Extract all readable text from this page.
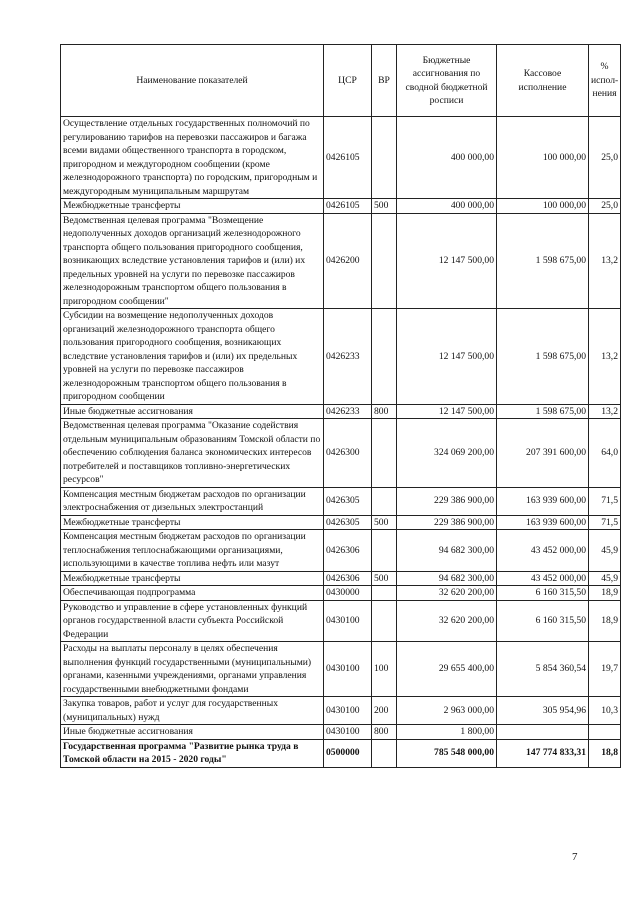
Наименование показателей	ЦСР	ВР	Бюджетные ассигнования по сводной бюджетной росписи	Кассовое исполнение	% испол-нения
Осуществление отдельных государственных полномочий по регулированию тарифов на перевозки пассажиров и багажа всеми видами общественного транспорта в городском, пригородном и междугородном сообщении (кроме железнодорожного транспорта) по городским, пригородным и междугородным муниципальным маршрутам	0426105		400 000,00	100 000,00	25,0
Межбюджетные трансферты	0426105	500	400 000,00	100 000,00	25,0
Ведомственная целевая программа "Возмещение недополученных доходов организаций железнодорожного транспорта общего пользования пригородного сообщения, возникающих вследствие установления тарифов и (или) их предельных уровней на услуги по перевозке пассажиров железнодорожным транспортом общего пользования в пригородном сообщении"	0426200		12 147 500,00	1 598 675,00	13,2
Субсидии на возмещение недополученных доходов организаций железнодорожного транспорта общего пользования пригородного сообщения, возникающих вследствие установления тарифов и (или) их предельных уровней на услуги по перевозке пассажиров железнодорожным транспортом общего пользования в пригородном сообщении	0426233		12 147 500,00	1 598 675,00	13,2
Иные бюджетные ассигнования	0426233	800	12 147 500,00	1 598 675,00	13,2
Ведомственная целевая программа "Оказание содействия отдельным муниципальным образованиям Томской области по обеспечению соблюдения баланса экономических интересов потребителей и поставщиков топливно-энергетических ресурсов"	0426300		324 069 200,00	207 391 600,00	64,0
Компенсация местным бюджетам расходов по организации электроснабжения от дизельных электростанций	0426305		229 386 900,00	163 939 600,00	71,5
Межбюджетные трансферты	0426305	500	229 386 900,00	163 939 600,00	71,5
Компенсация местным бюджетам расходов по организации теплоснабжения теплоснабжающими организациями, использующими в качестве топлива нефть или мазут	0426306		94 682 300,00	43 452 000,00	45,9
Межбюджетные трансферты	0426306	500	94 682 300,00	43 452 000,00	45,9
Обеспечивающая подпрограмма	0430000		32 620 200,00	6 160 315,50	18,9
Руководство и управление в сфере установленных функций органов государственной власти субъекта Российской Федерации	0430100		32 620 200,00	6 160 315,50	18,9
Расходы на выплаты персоналу в целях обеспечения выполнения функций государственными (муниципальными) органами, казенными учреждениями, органами управления государственными внебюджетными фондами	0430100	100	29 655 400,00	5 854 360,54	19,7
Закупка товаров, работ и услуг для государственных (муниципальных) нужд	0430100	200	2 963 000,00	305 954,96	10,3
Иные бюджетные ассигнования	0430100	800	1 800,00		
Государственная программа "Развитие рынка труда в Томской области на 2015 - 2020 годы"	0500000		785 548 000,00	147 774 833,31	18,8
7
